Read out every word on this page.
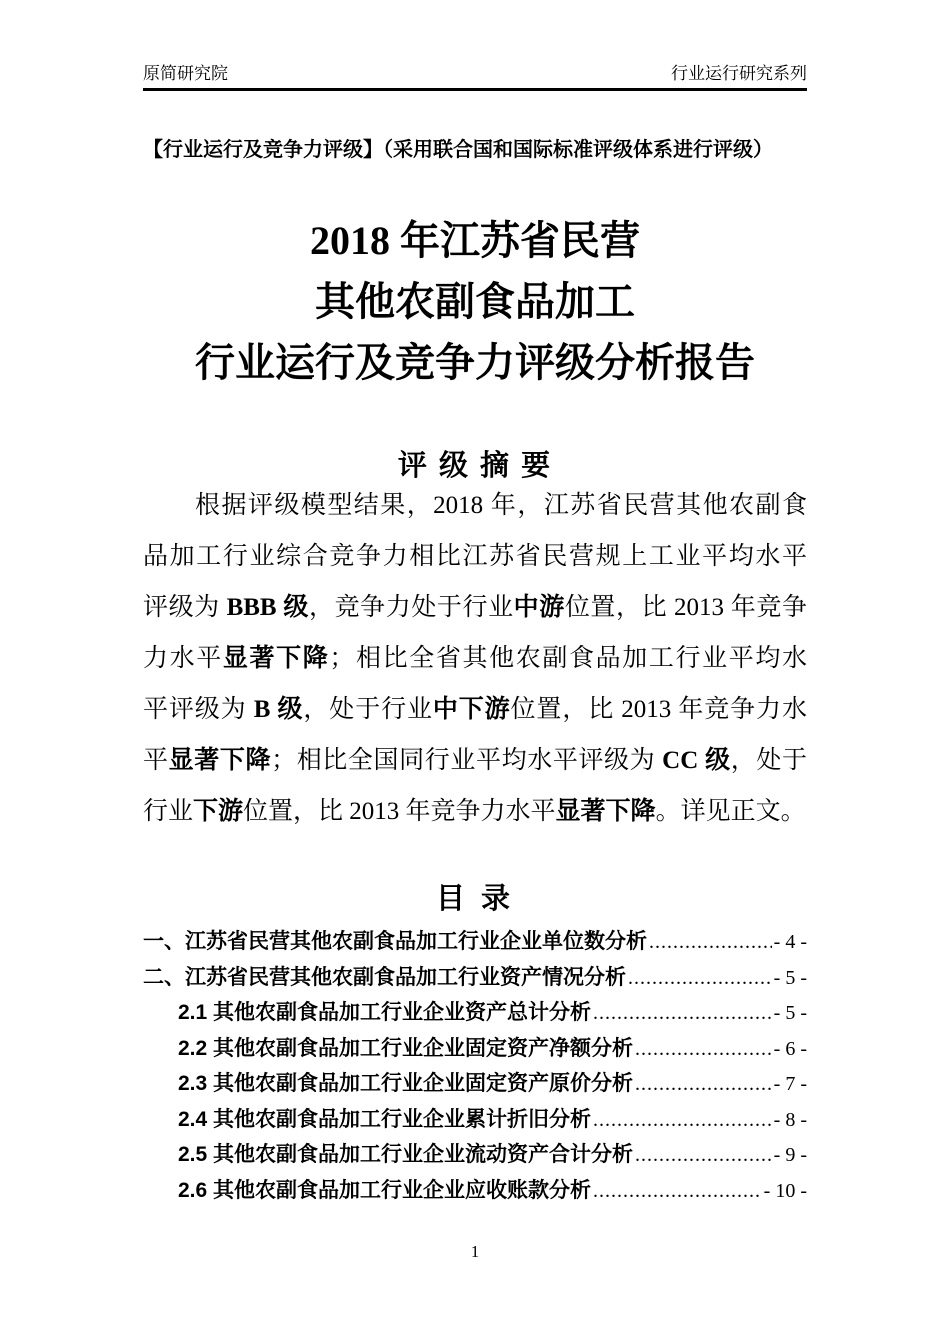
原简研究院	行业运行研究系列
【行业运行及竞争力评级】（采用联合国和国际标准评级体系进行评级）
2018 年江苏省民营
其他农副食品加工
行业运行及竞争力评级分析报告
评 级 摘 要
根据评级模型结果，2018 年，江苏省民营其他农副食
品加工行业综合竞争力相比江苏省民营规上工业平均水平
评级为 BBB 级，竞争力处于行业中游位置，比 2013 年竞争
力水平显著下降；相比全省其他农副食品加工行业平均水
平评级为 B 级，处于行业中下游位置，比 2013 年竞争力水
平显著下降；相比全国同行业平均水平评级为 CC 级，处于
行业下游位置，比 2013 年竞争力水平显著下降。详见正文。
目 录
一、江苏省民营其他农副食品加工行业企业单位数分析 .....	- 4 -
二、江苏省民营其他农副食品加工行业资产情况分析 .....	- 5 -
2.1 其他农副食品加工行业企业资产总计分析 .....	- 5 -
2.2 其他农副食品加工行业企业固定资产净额分析 .....	- 6 -
2.3 其他农副食品加工行业企业固定资产原价分析 .....	- 7 -
2.4 其他农副食品加工行业企业累计折旧分析 .....	- 8 -
2.5 其他农副食品加工行业企业流动资产合计分析 .....	- 9 -
2.6 其他农副食品加工行业企业应收账款分析 .....	- 10 -
1
